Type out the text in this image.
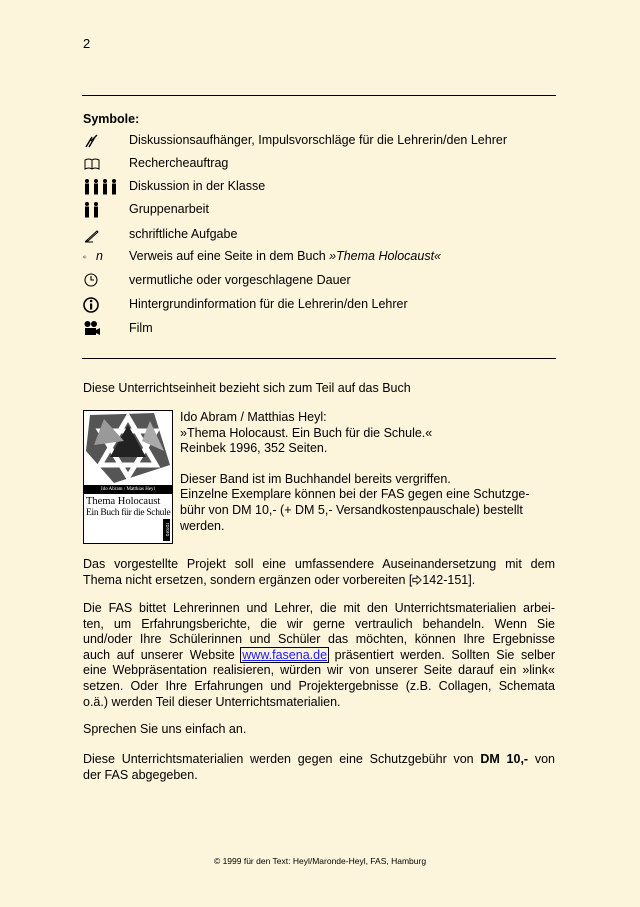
2
Symbole:
Diskussionsaufhänger, Impulsvorschläge für die Lehrerin/den Lehrer
Rechercheauftrag
Diskussion in der Klasse
Gruppenarbeit
schriftliche Aufgabe
n Verweis auf eine Seite in dem Buch »Thema Holocaust«
vermutliche oder vorgeschlagene Dauer
Hintergrundinformation für die Lehrerin/den Lehrer
Film
Diese Unterrichtseinheit bezieht sich zum Teil auf das Buch
Ido Abram / Matthias Heyl
Thema Holocaust
Ein Buch für die Schule
rororo
Ido Abram / Matthias Heyl:
»Thema Holocaust. Ein Buch für die Schule.«
Reinbek 1996, 352 Seiten.
Dieser Band ist im Buchhandel bereits vergriffen.
Einzelne Exemplare können bei der FAS gegen eine Schutzge-
bühr von DM 10,- (+ DM 5,- Versandkostenpauschale) bestellt
werden.
Das vorgestellte Projekt soll eine umfassendere Auseinandersetzung mit dem
Thema nicht ersetzen, sondern ergänzen oder vorbereiten [ 142-151].
Die FAS bittet Lehrerinnen und Lehrer, die mit den Unterrichtsmaterialien arbei-
ten, um Erfahrungsberichte, die wir gerne vertraulich behandeln. Wenn Sie
und/oder Ihre Schülerinnen und Schüler das möchten, können Ihre Ergebnisse
auch auf unserer Website www.fasena.de präsentiert werden. Sollten Sie selber
eine Webpräsentation realisieren, würden wir von unserer Seite darauf ein »link«
setzen. Oder Ihre Erfahrungen und Projektergebnisse (z.B. Collagen, Schemata
o.ä.) werden Teil dieser Unterrichtsmaterialien.
Sprechen Sie uns einfach an.
Diese Unterrichtsmaterialien werden gegen eine Schutzgebühr von DM 10,- von
der FAS abgegeben.
© 1999 für den Text: Heyl/Maronde-Heyl, FAS, Hamburg
